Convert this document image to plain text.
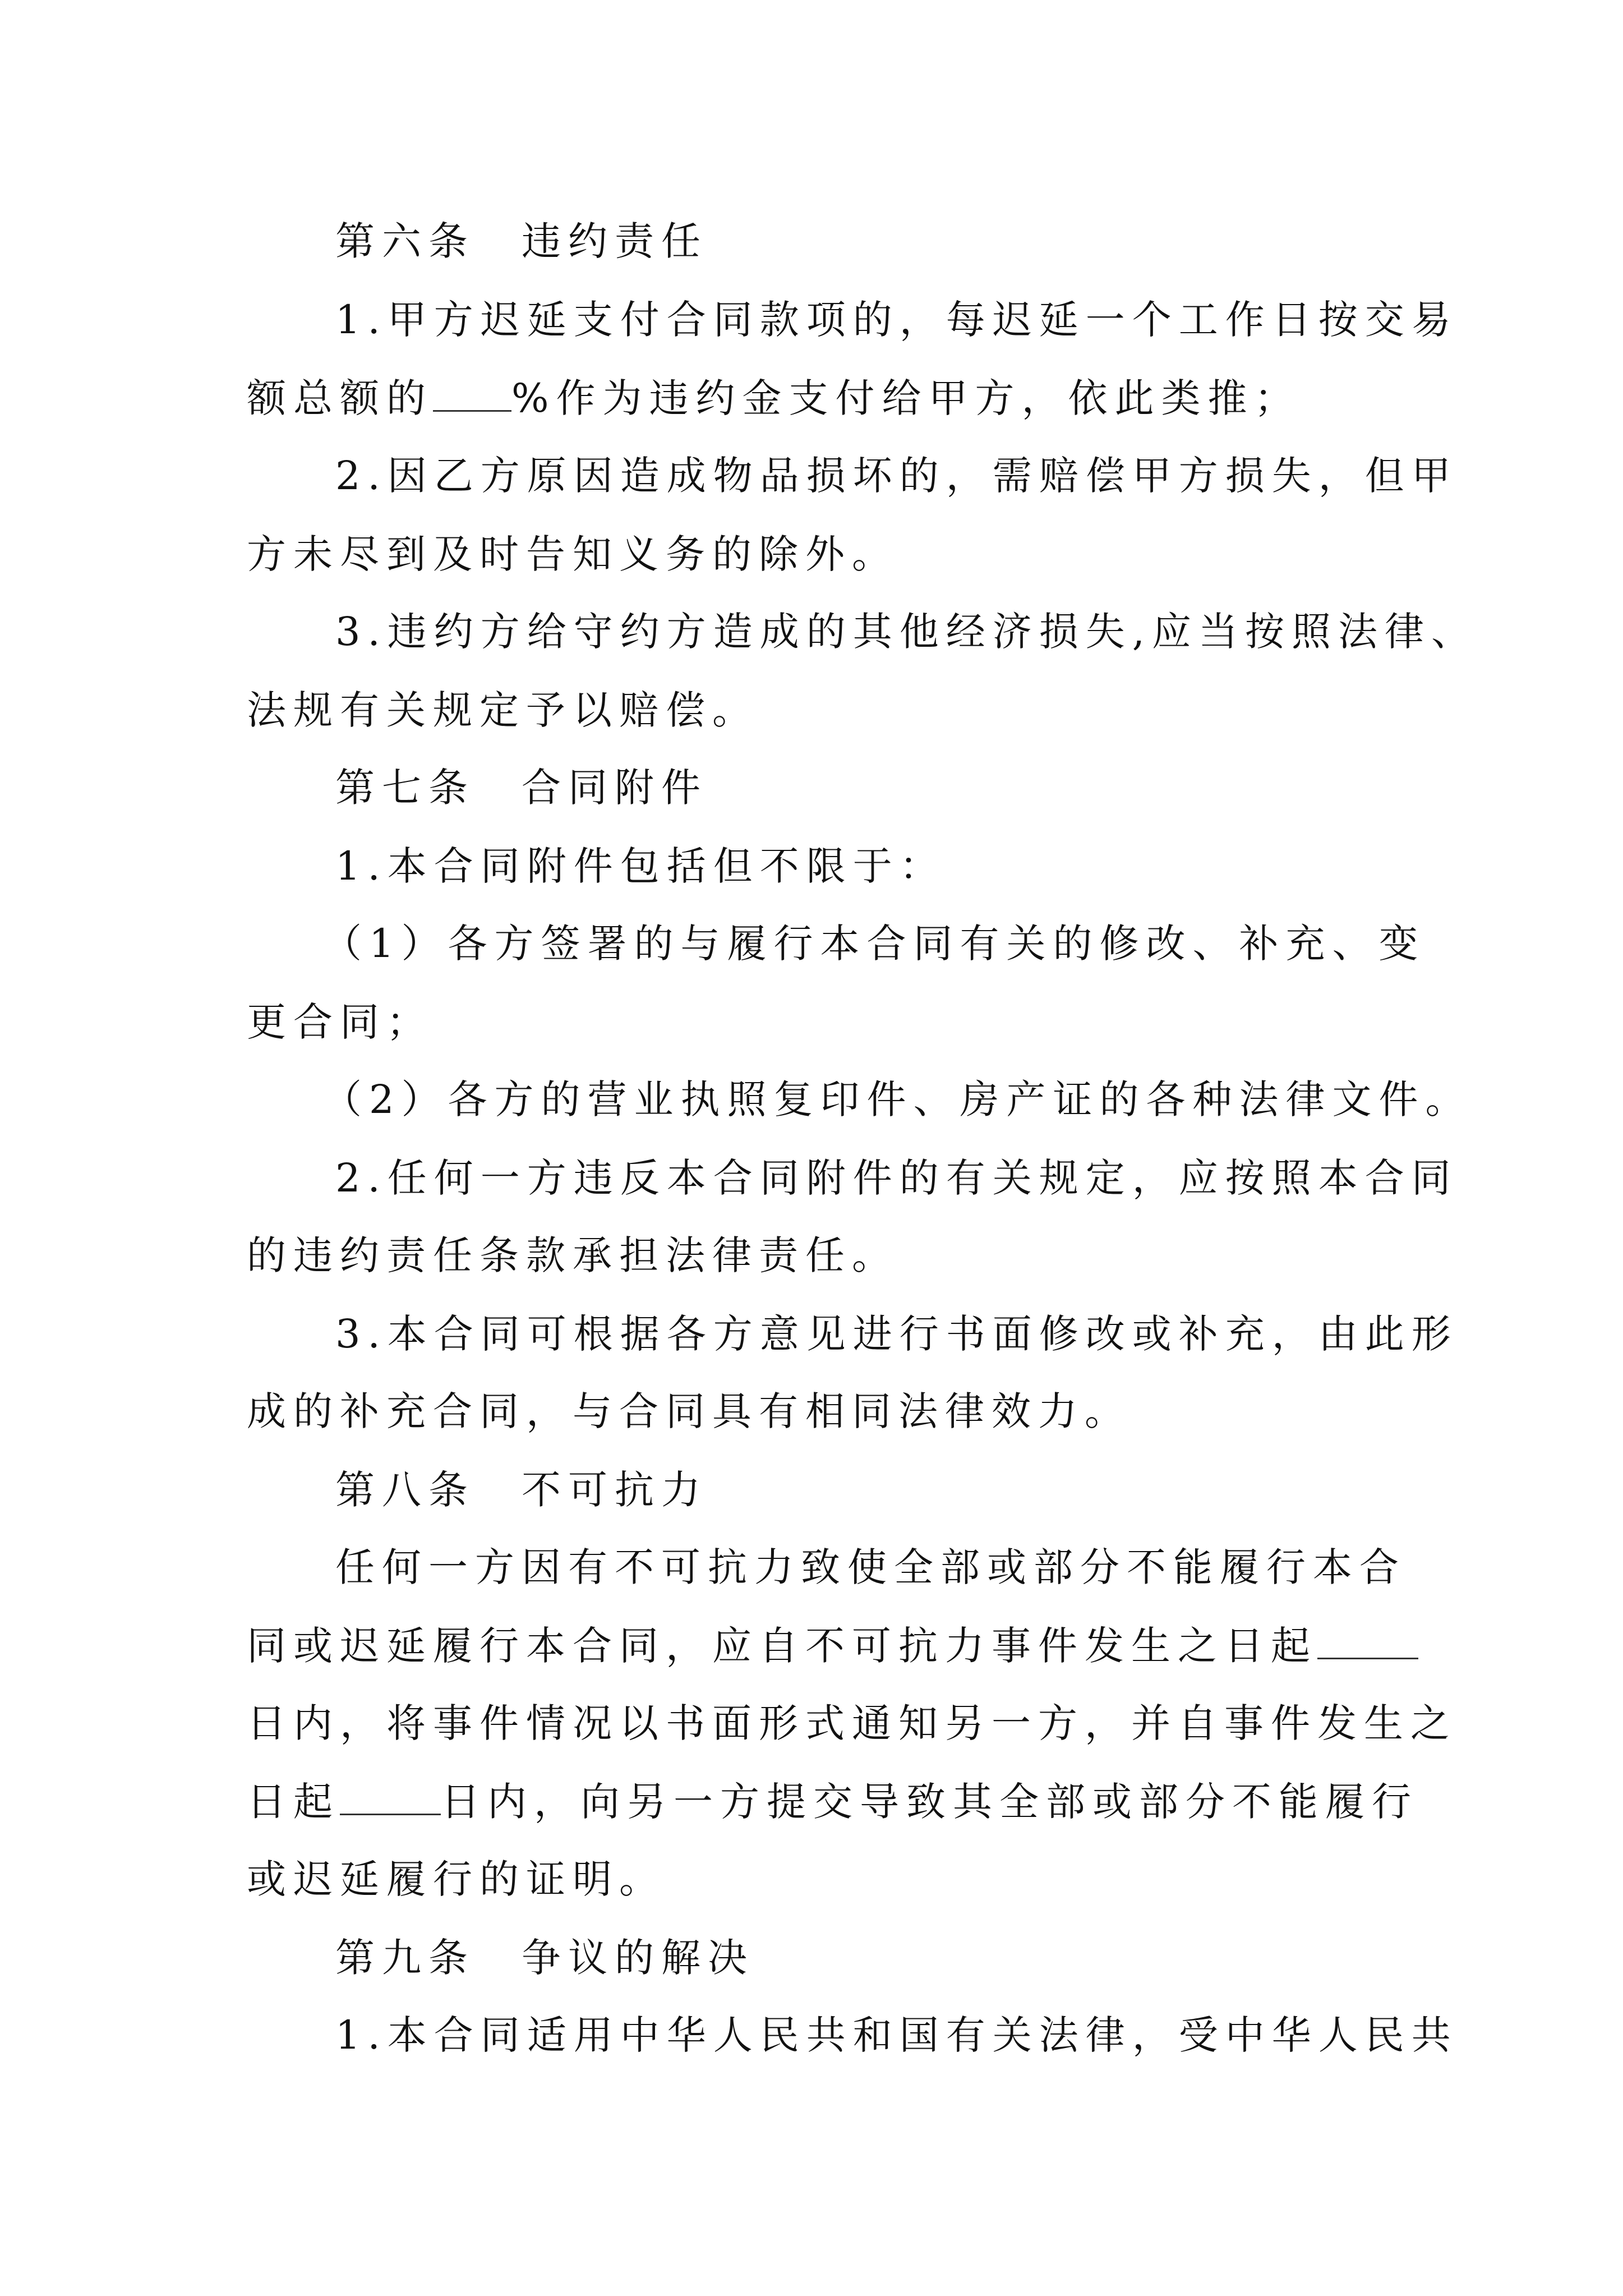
第六条　违约责任
1.甲方迟延支付合同款项的，每迟延一个工作日按交易
额总额的 %作为违约金支付给甲方，依此类推；
2.因乙方原因造成物品损坏的，需赔偿甲方损失，但甲
方未尽到及时告知义务的除外。
3.违约方给守约方造成的其他经济损失,应当按照法律、
法规有关规定予以赔偿。
第七条　合同附件
1.本合同附件包括但不限于：
（1）各方签署的与履行本合同有关的修改、补充、变
更合同；
（2）各方的营业执照复印件、房产证的各种法律文件。
2.任何一方违反本合同附件的有关规定，应按照本合同
的违约责任条款承担法律责任。
3.本合同可根据各方意见进行书面修改或补充，由此形
成的补充合同，与合同具有相同法律效力。
第八条　不可抗力
任何一方因有不可抗力致使全部或部分不能履行本合
同或迟延履行本合同，应自不可抗力事件发生之日起
日内，将事件情况以书面形式通知另一方，并自事件发生之
日起	日内，向另一方提交导致其全部或部分不能履行
或迟延履行的证明。
第九条　争议的解决
1.本合同适用中华人民共和国有关法律，受中华人民共
